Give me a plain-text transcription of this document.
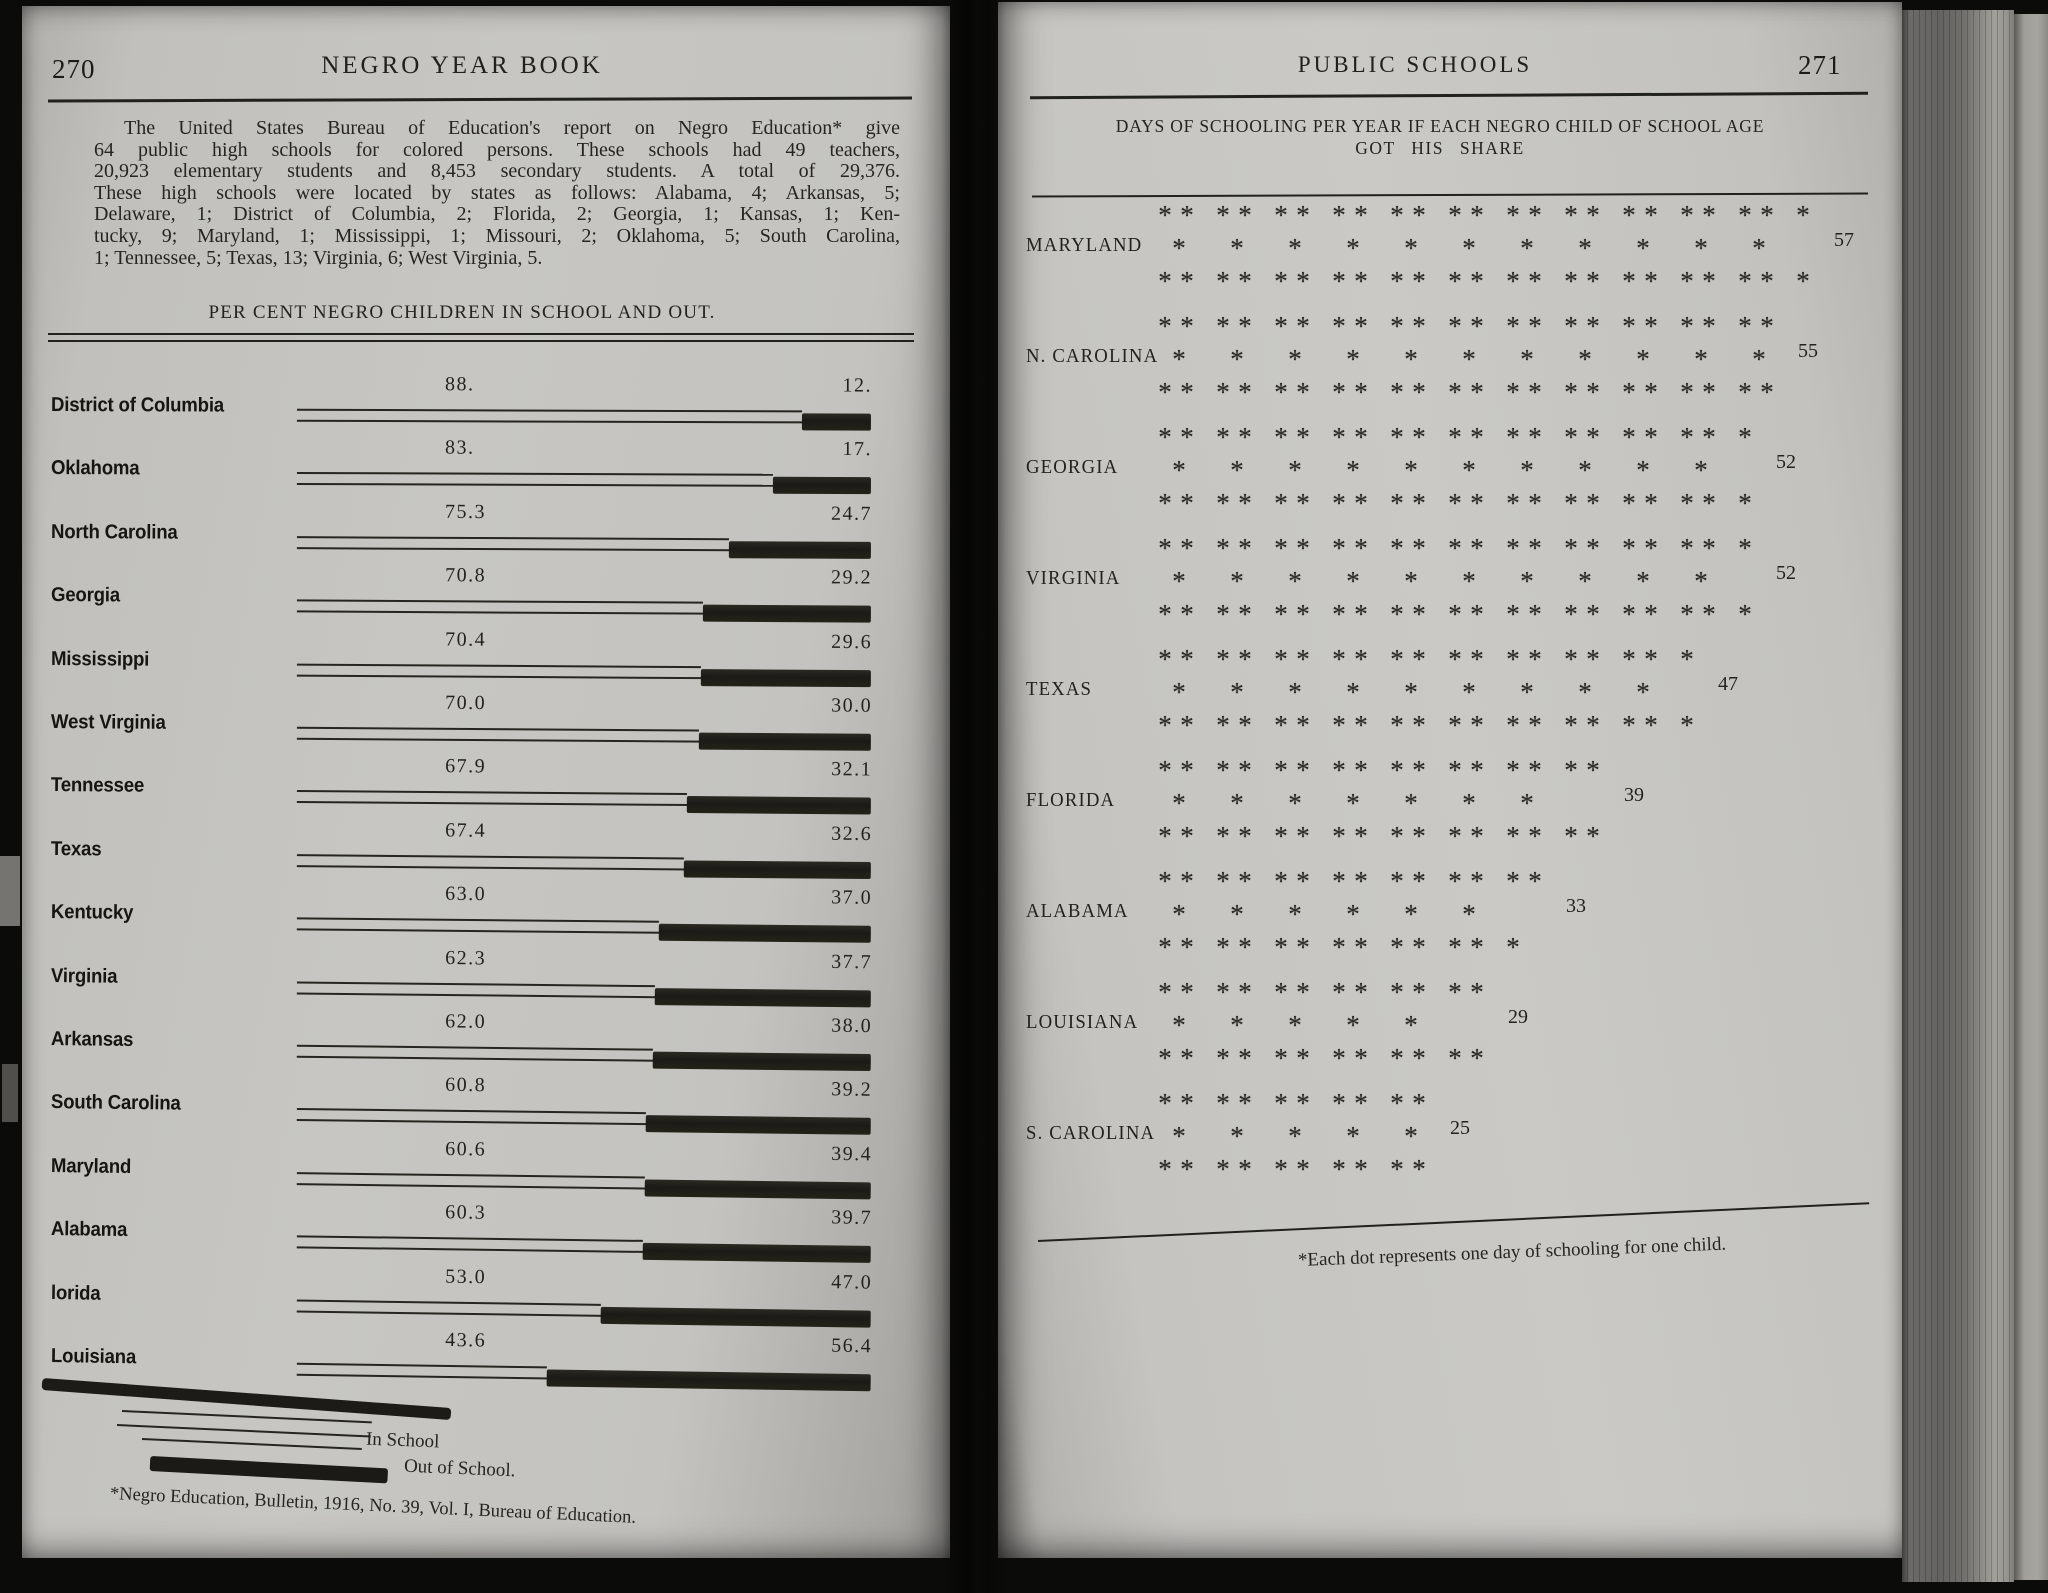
270	NEGRO YEAR BOOK
The United States Bureau of Education's report on Negro Education* give
64 public high schools for colored persons. These schools had 49 teachers,
20,923 elementary students and 8,453 secondary students. A total of 29,376.
These high schools were located by states as follows: Alabama, 4; Arkansas, 5;
Delaware, 1; District of Columbia, 2; Florida, 2; Georgia, 1; Kansas, 1; Ken-
tucky, 9; Maryland, 1; Mississippi, 1; Missouri, 2; Oklahoma, 5; South Carolina,
1; Tennessee, 5; Texas, 13; Virginia, 6; West Virginia, 5.
PER CENT NEGRO CHILDREN IN SCHOOL AND OUT.
District of Columbia
88.	12.
Oklahoma
83.	17.
North Carolina
75.3	24.7
Georgia
70.8	29.2
Mississippi
70.4	29.6
West Virginia
70.0	30.0
Tennessee
67.9	32.1
Texas
67.4	32.6
Kentucky
63.0	37.0
Virginia
62.3	37.7
Arkansas
62.0	38.0
South Carolina
60.8	39.2
Maryland
60.6	39.4
Alabama
60.3	39.7
lorida
53.0	47.0
Louisiana
43.6	56.4
In School
Out of School.
*Negro Education, Bulletin, 1916, No. 39, Vol. I, Bureau of Education.
PUBLIC SCHOOLS	271
DAYS OF SCHOOLING PER YEAR IF EACH NEGRO CHILD OF SCHOOL AGE
GOT HIS SHARE
MARYLAND
* * * * * * * * * * * * * * * * * * * * * * *
* * * * * * * * * * *
* * * * * * * * * * * * * * * * * * * * * * *
57
N. CAROLINA
* * * * * * * * * * * * * * * * * * * * * *
* * * * * * * * * * *
* * * * * * * * * * * * * * * * * * * * * *
55
GEORGIA
* * * * * * * * * * * * * * * * * * * * *
* * * * * * * * * *
* * * * * * * * * * * * * * * * * * * * *
52
VIRGINIA
* * * * * * * * * * * * * * * * * * * * *
* * * * * * * * * *
* * * * * * * * * * * * * * * * * * * * *
52
TEXAS
* * * * * * * * * * * * * * * * * * *
* * * * * * * * *
* * * * * * * * * * * * * * * * * * *
47
FLORIDA
* * * * * * * * * * * * * * * *
* * * * * * *
* * * * * * * * * * * * * * * *
39
ALABAMA
* * * * * * * * * * * * * *
* * * * * *
* * * * * * * * * * * * *
33
LOUISIANA
* * * * * * * * * * * *
* * * * *
* * * * * * * * * * * *
29
S. CAROLINA
* * * * * * * * * *
* * * * *
* * * * * * * * * *
25
*Each dot represents one day of schooling for one child.
